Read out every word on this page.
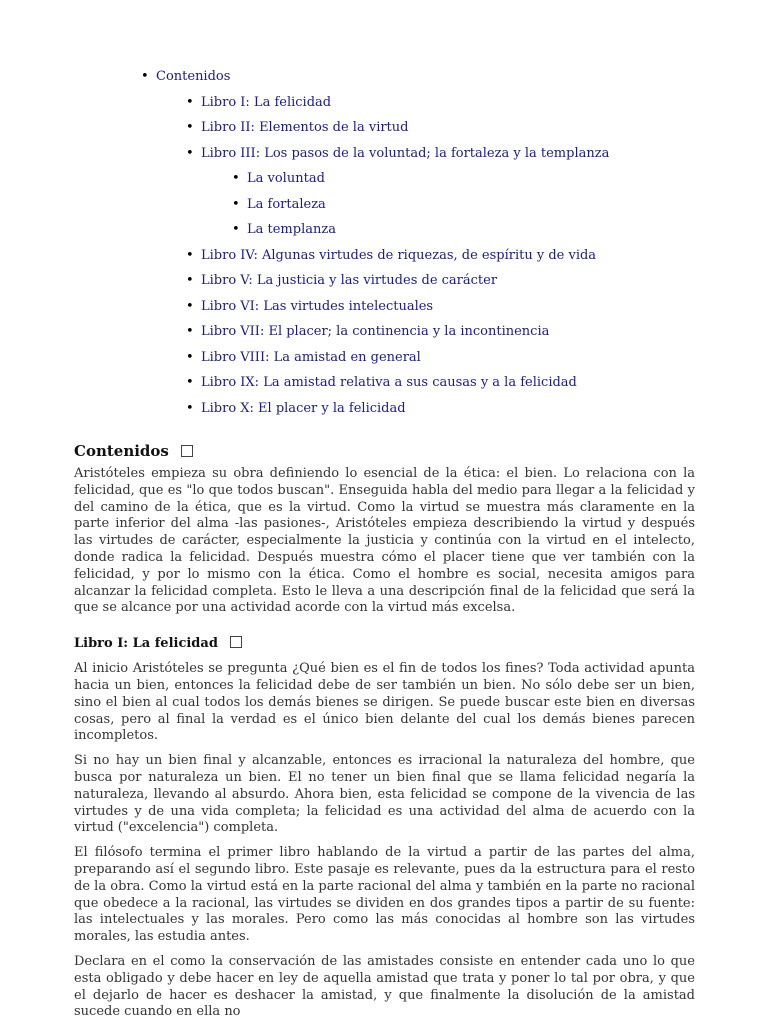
• Contenidos
• Libro I: La felicidad
• Libro II: Elementos de la virtud
• Libro III: Los pasos de la voluntad; la fortaleza y la templanza
• La voluntad
• La fortaleza
• La templanza
• Libro IV: Algunas virtudes de riquezas, de espíritu y de vida
• Libro V: La justicia y las virtudes de carácter
• Libro VI: Las virtudes intelectuales
• Libro VII: El placer; la continencia y la incontinencia
• Libro VIII: La amistad en general
• Libro IX: La amistad relativa a sus causas y a la felicidad
• Libro X: El placer y la felicidad
Contenidos

Aristóteles empieza su obra definiendo lo esencial de la ética: el bien. Lo relaciona con la felicidad, que es "lo que todos buscan". Enseguida habla del medio para llegar a la felicidad y del camino de la ética, que es la virtud. Como la virtud se muestra más claramente en la parte inferior del alma -las pasiones-, Aristóteles empieza describiendo la virtud y después las virtudes de carácter, especialmente la justicia y continúa con la virtud en el intelecto, donde radica la felicidad. Después muestra cómo el placer tiene que ver también con la felicidad, y por lo mismo con la ética. Como el hombre es social, necesita amigos para alcanzar la felicidad completa. Esto le lleva a una descripción final de la felicidad que será la que se alcance por una actividad acorde con la virtud más excelsa.

Libro I: La felicidad

Al inicio Aristóteles se pregunta ¿Qué bien es el fin de todos los fines? Toda actividad apunta hacia un bien, entonces la felicidad debe de ser también un bien. No sólo debe ser un bien, sino el bien al cual todos los demás bienes se dirigen. Se puede buscar este bien en diversas cosas, pero al final la verdad es el único bien delante del cual los demás bienes parecen incompletos.

Si no hay un bien final y alcanzable, entonces es irracional la naturaleza del hombre, que busca por naturaleza un bien. El no tener un bien final que se llama felicidad negaría la naturaleza, llevando al absurdo. Ahora bien, esta felicidad se compone de la vivencia de las virtudes y de una vida completa; la felicidad es una actividad del alma de acuerdo con la virtud ("excelencia") completa.

El filósofo termina el primer libro hablando de la virtud a partir de las partes del alma, preparando así el segundo libro. Este pasaje es relevante, pues da la estructura para el resto de la obra. Como la virtud está en la parte racional del alma y también en la parte no racional que obedece a la racional, las virtudes se dividen en dos grandes tipos a partir de su fuente: las intelectuales y las morales. Pero como las más conocidas al hombre son las virtudes morales, las estudia antes.

Declara en el como la conservación de las amistades consiste en entender cada uno lo que esta obligado y debe hacer en ley de aquella amistad que trata y poner lo tal por obra, y que el dejarlo de hacer es deshacer la amistad, y que finalmente la disolución de la amistad sucede cuando en ella no
